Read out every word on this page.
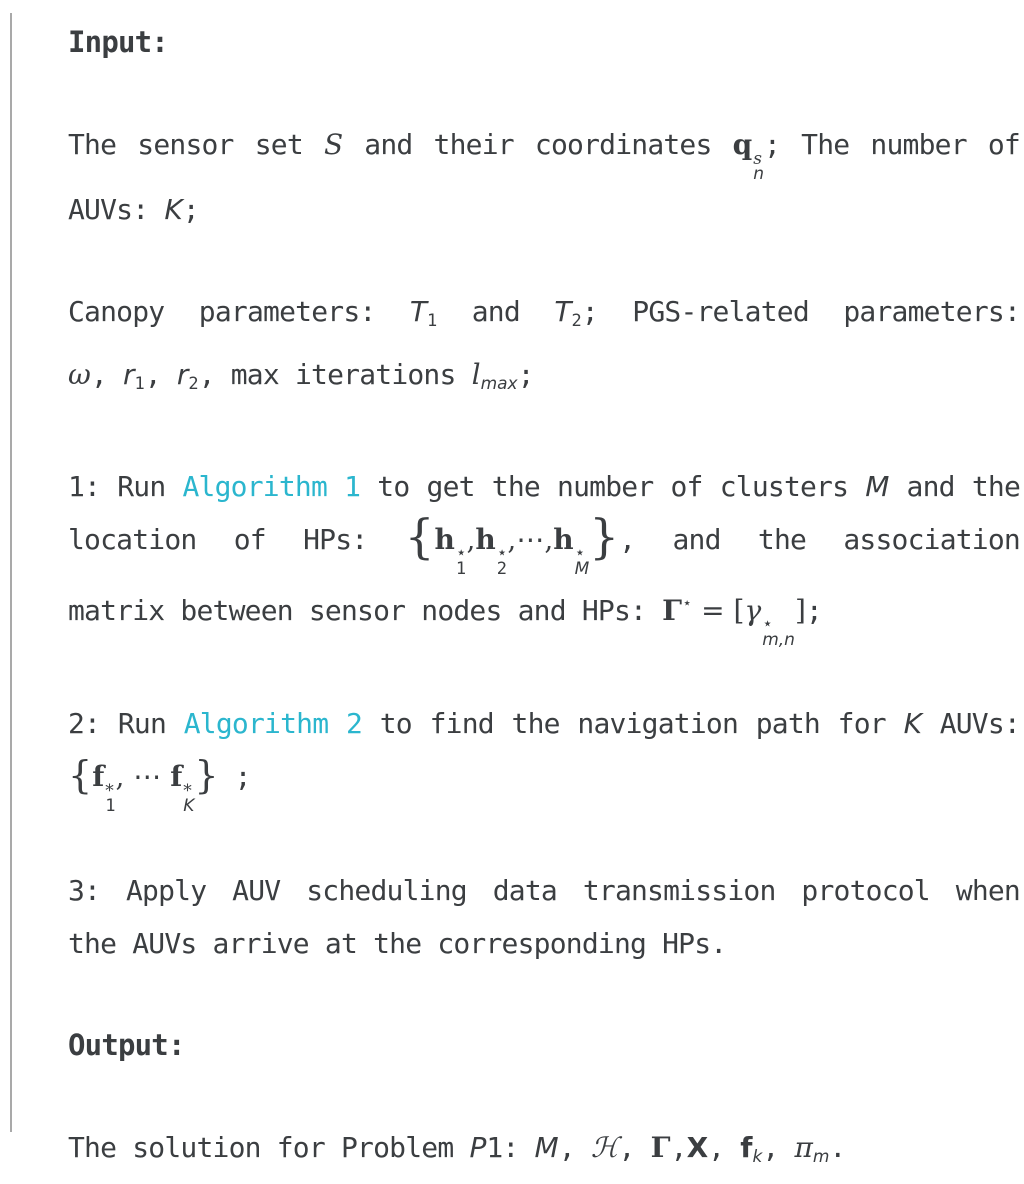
Input:
The sensor set S and their coordinates q s
n
; The number of
AUVs: K;
Canopy parameters: T1 and T2; PGS-related parameters:
ω, r1, r2, max iterations lmax;
1: Run Algorithm 1 to get the number of clusters M and the
location of HPs: {h ⋆
1
,h ⋆
2
,⋯,h ⋆
M
}, and the association
matrix between sensor nodes and HPs: Γ⋆ = [γ ⋆
m,n
];
2: Run Algorithm 2 to find the navigation path for K AUVs:
{f *
1
, ⋯ f *
K
} ;
3: Apply AUV scheduling data transmission protocol when
the AUVs arrive at the corresponding HPs.
Output:
The solution for Problem P1: M, ℋ, Γ,X, fk, πm.
